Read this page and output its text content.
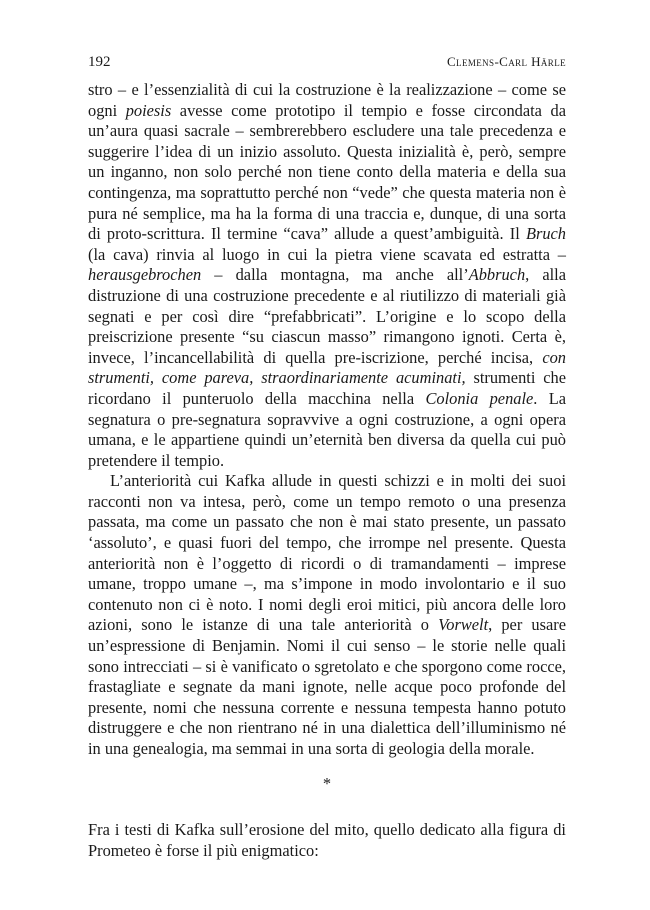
192	Clemens-Carl Härle

stro – e l’essenzialità di cui la costruzione è la realizzazione – come se ogni poiesis avesse come prototipo il tempio e fosse circondata da un’aura quasi sacrale – sembrerebbero escludere una tale precedenza e suggerire l’idea di un inizio assoluto. Questa inizialità è, però, sempre un inganno, non solo perché non tiene conto della materia e della sua contingenza, ma soprattutto perché non “vede” che questa materia non è pura né semplice, ma ha la forma di una traccia e, dunque, di una sorta di proto-scrittura. Il termine “cava” allude a quest’ambiguità. Il Bruch (la cava) rinvia al luogo in cui la pietra viene scavata ed estratta – herausgebrochen – dalla montagna, ma anche all’Abbruch, alla distruzione di una costruzione precedente e al riutilizzo di materiali già segnati e per così dire “prefabbricati”. L’origine e lo scopo della preiscrizione presente “su ciascun masso” rimangono ignoti. Certa è, invece, l’incancellabilità di quella pre-iscrizione, perché incisa, con strumenti, come pareva, straordinariamente acuminati, strumenti che ricordano il punteruolo della macchina nella Colonia penale. La segnatura o pre-segnatura sopravvive a ogni costruzione, a ogni opera umana, e le appartiene quindi un’eternità ben diversa da quella cui può pretendere il tempio.

L’anteriorità cui Kafka allude in questi schizzi e in molti dei suoi racconti non va intesa, però, come un tempo remoto o una presenza passata, ma come un passato che non è mai stato presente, un passato ‘assoluto’, e quasi fuori del tempo, che irrompe nel presente. Questa anteriorità non è l’oggetto di ricordi o di tramandamenti – imprese umane, troppo umane –, ma s’impone in modo involontario e il suo contenuto non ci è noto. I nomi degli eroi mitici, più ancora delle loro azioni, sono le istanze di una tale anteriorità o Vorwelt, per usare un’espressione di Benjamin. Nomi il cui senso – le storie nelle quali sono intrecciati – si è vanificato o sgretolato e che sporgono come rocce, frastagliate e segnate da mani ignote, nelle acque poco profonde del presente, nomi che nessuna corrente e nessuna tempesta hanno potuto distruggere e che non rientrano né in una dialettica dell’illuminismo né in una genealogia, ma semmai in una sorta di geologia della morale.

*

Fra i testi di Kafka sull’erosione del mito, quello dedicato alla figura di Prometeo è forse il più enigmatico:
